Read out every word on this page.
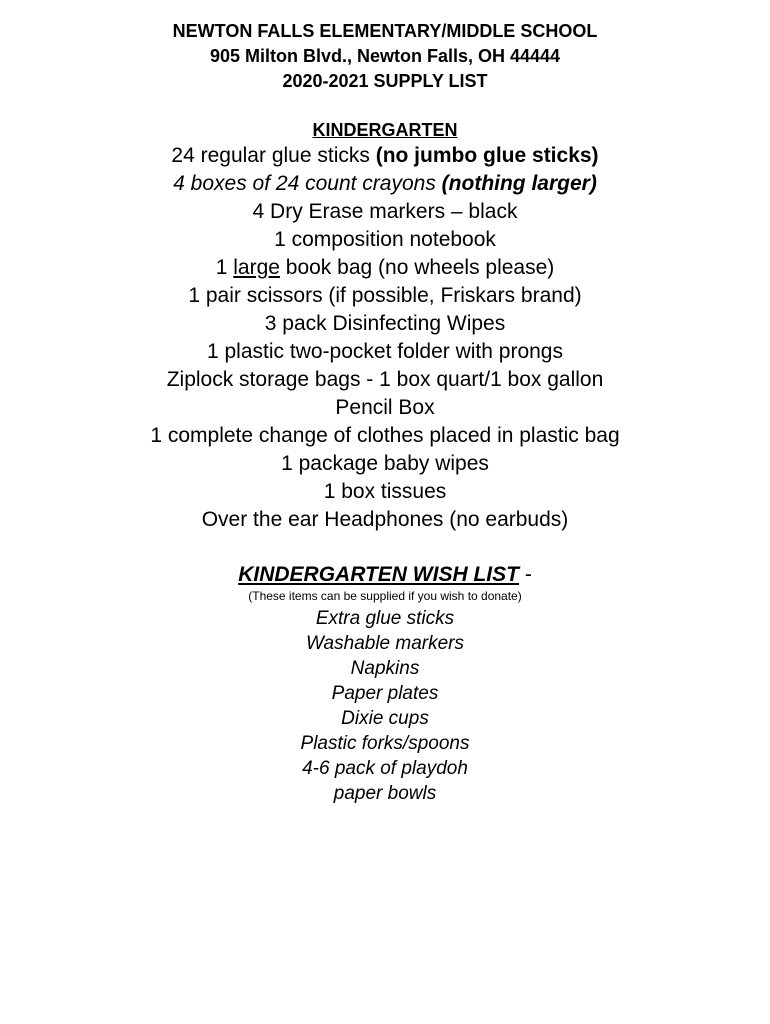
NEWTON FALLS ELEMENTARY/MIDDLE SCHOOL
905 Milton Blvd., Newton Falls, OH 44444
2020-2021 SUPPLY LIST
KINDERGARTEN
24 regular glue sticks (no jumbo glue sticks)
4 boxes of 24 count crayons (nothing larger)
4 Dry Erase markers – black
1 composition notebook
1 large book bag (no wheels please)
1 pair scissors (if possible, Friskars brand)
3 pack Disinfecting Wipes
1 plastic two-pocket folder with prongs
Ziplock storage bags - 1 box quart/1 box gallon
Pencil Box
1 complete change of clothes placed in plastic bag
1 package baby wipes
1 box tissues
Over the ear Headphones (no earbuds)
KINDERGARTEN WISH LIST -
(These items can be supplied if you wish to donate)
Extra glue sticks
Washable markers
Napkins
Paper plates
Dixie cups
Plastic forks/spoons
4-6 pack of playdoh
paper bowls
